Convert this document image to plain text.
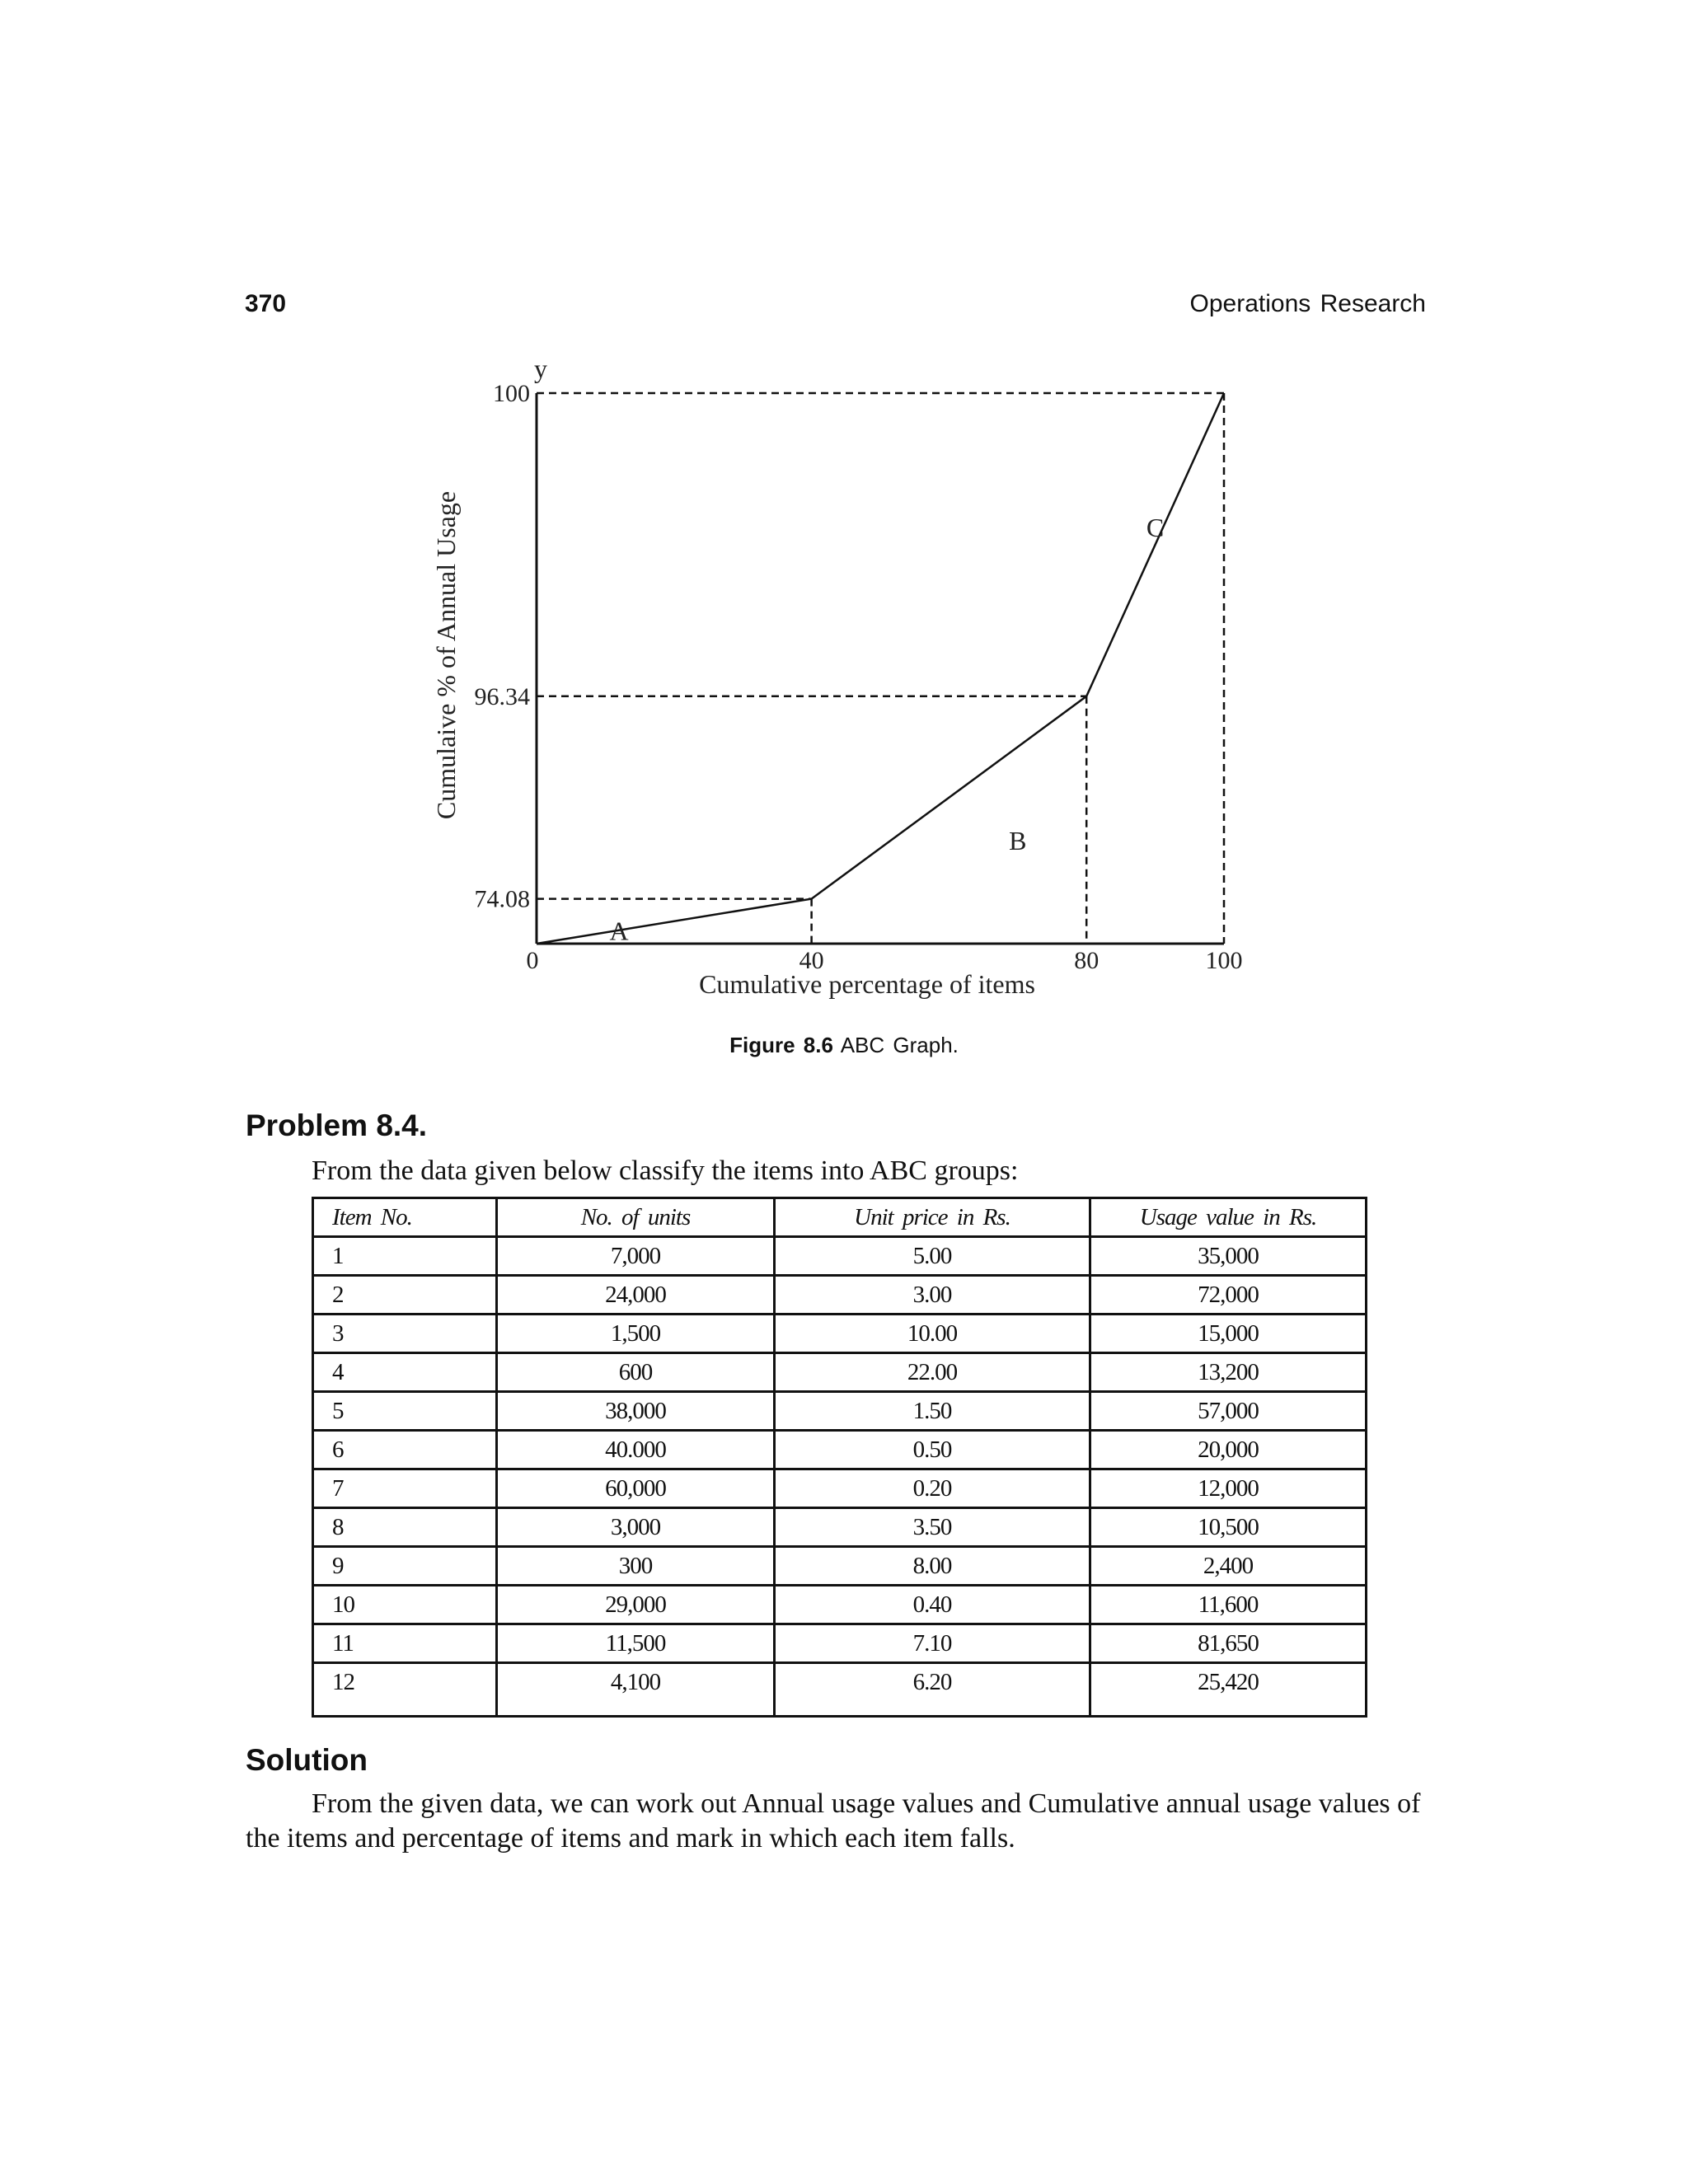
370	Operations Research
0	40	80	100
100
96.34
74.08
A
B
C
y
Cumulative percentage of items
Cumulaive % of Annual Usage
Figure 8.6 ABC Graph.
Problem 8.4.
From the data given below classify the items into ABC groups:
Item No.	No. of units	Unit price in Rs.	Usage value in Rs.
1	7,000	5.00	35,000
2	24,000	3.00	72,000
3	1,500	10.00	15,000
4	600	22.00	13,200
5	38,000	1.50	57,000
6	40.000	0.50	20,000
7	60,000	0.20	12,000
8	3,000	3.50	10,500
9	300	8.00	2,400
10	29,000	0.40	11,600
11	11,500	7.10	81,650
12	4,100	6.20	25,420
Solution
From the given data, we can work out Annual usage values and Cumulative annual usage values of the items and percentage of items and mark in which each item falls.
